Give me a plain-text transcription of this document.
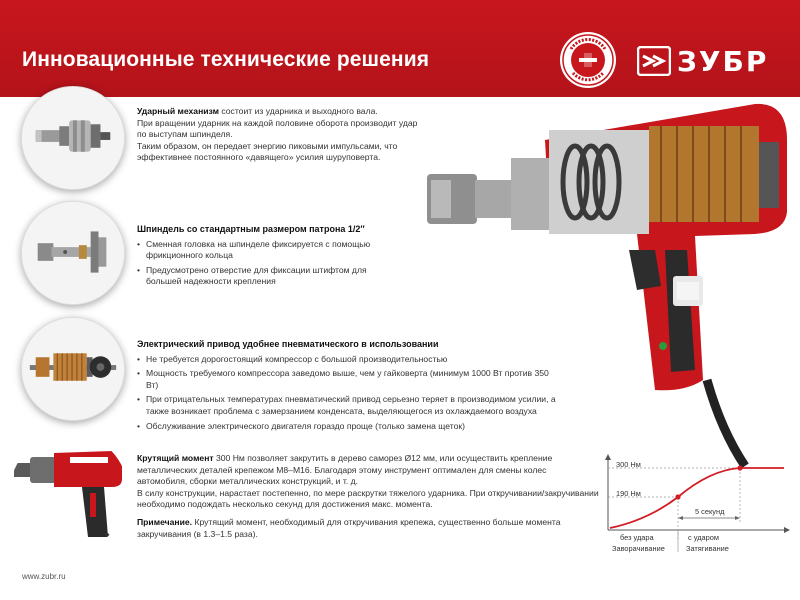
Инновационные технические решения	ЗУБР
Ударный механизм состоит из ударника и выходного вала.
При вращении ударник на каждой половине оборота производит удар по выступам шпинделя.
Таким образом, он передает энергию пиковыми импульсами, что эффективнее постоянного «давящего» усилия шуруповерта.
Шпиндель со стандартным размером патрона 1/2″
• Сменная головка на шпинделе фиксируется с помощью фрикционного кольца
• Предусмотрено отверстие для фиксации штифтом для большей надежности крепления
Электрический привод удобнее пневматического в использовании
• Не требуется дорогостоящий компрессор с большой производительностью
• Мощность требуемого компрессора заведомо выше, чем у гайковерта (минимум 1000 Вт против 350 Вт)
• При отрицательных температурах пневматический привод серьезно теряет в производимом усилии, а также возникает проблема с замерзанием конденсата, выделяющегося из охлаждаемого воздуха
• Обслуживание электрического двигателя гораздо проще (только замена щеток)
Крутящий момент 300 Нм позволяет закрутить в дерево саморез Ø12 мм, или осуществить крепление металлических деталей крепежом М8–М16. Благодаря этому инструмент оптимален для смены колес автомобиля, сборки металлических конструкций, и т. д.
В силу конструкции, нарастает постепенно, по мере раскрутки тяжелого ударника. При откручивании/закручивании необходимо подождать несколько секунд для достижения макс. момента.
Примечание. Крутящий момент, необходимый для откручивания крепежа, существенно больше момента закручивания (в 1.3–1.5 раза).
300 Нм
190 Нм
5 секунд
без удара	с ударом
Заворачивание	Затягивание
www.zubr.ru
